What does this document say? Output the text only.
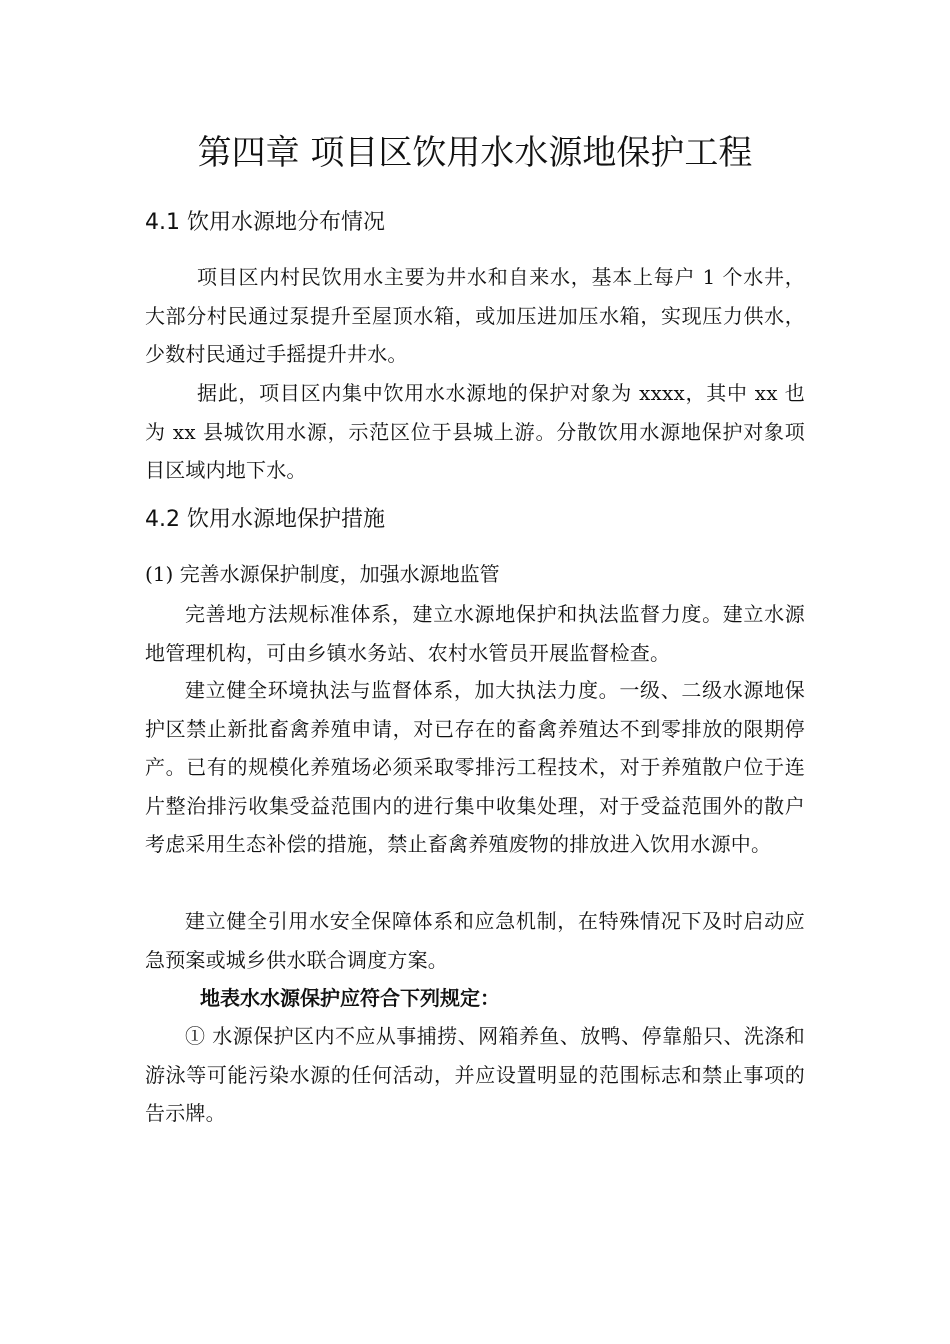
第四章 项目区饮用水水源地保护工程
4.1 饮用水源地分布情况
项目区内村民饮用水主要为井水和自来水，基本上每户 1 个水井，大部分村民通过泵提升至屋顶水箱，或加压进加压水箱，实现压力供水，少数村民通过手摇提升井水。
据此，项目区内集中饮用水水源地的保护对象为 xxxx，其中 xx 也为 xx 县城饮用水源，示范区位于县城上游。分散饮用水源地保护对象项目区域内地下水。
4.2 饮用水源地保护措施
(1) 完善水源保护制度，加强水源地监管
完善地方法规标准体系，建立水源地保护和执法监督力度。建立水源地管理机构，可由乡镇水务站、农村水管员开展监督检查。
建立健全环境执法与监督体系，加大执法力度。一级、二级水源地保护区禁止新批畜禽养殖申请，对已存在的畜禽养殖达不到零排放的限期停产。已有的规模化养殖场必须采取零排污工程技术，对于养殖散户位于连片整治排污收集受益范围内的进行集中收集处理，对于受益范围外的散户考虑采用生态补偿的措施，禁止畜禽养殖废物的排放进入饮用水源中。
建立健全引用水安全保障体系和应急机制，在特殊情况下及时启动应急预案或城乡供水联合调度方案。
地表水水源保护应符合下列规定：
① 水源保护区内不应从事捕捞、网箱养鱼、放鸭、停靠船只、洗涤和游泳等可能污染水源的任何活动，并应设置明显的范围标志和禁止事项的告示牌。
